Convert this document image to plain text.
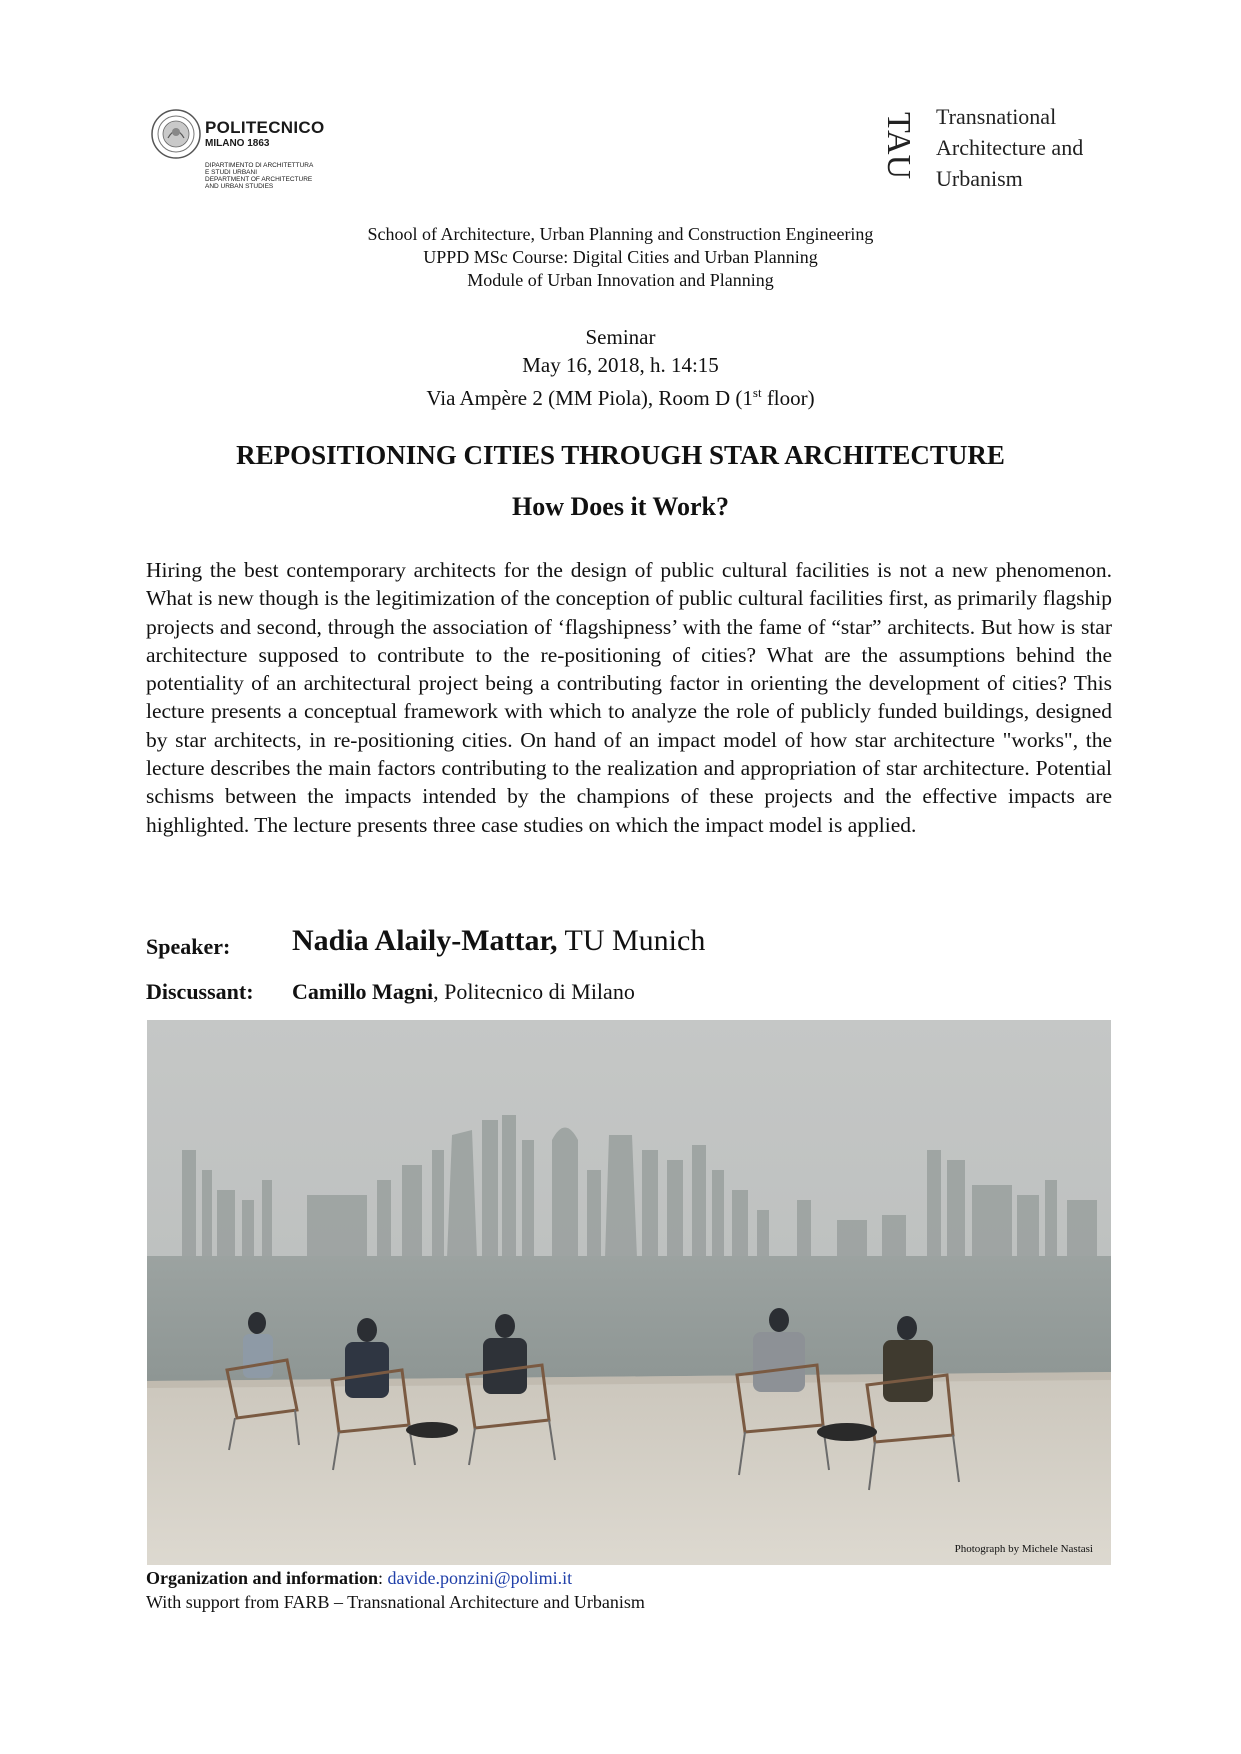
POLITECNICO
MILANO 1863
DIPARTIMENTO DI ARCHITETTURA
E STUDI URBANI
DEPARTMENT OF ARCHITECTURE
AND URBAN STUDIES
TAU Transnational
Architecture and
Urbanism
School of Architecture, Urban Planning and Construction Engineering
UPPD MSc Course: Digital Cities and Urban Planning
Module of Urban Innovation and Planning
Seminar
May 16, 2018, h. 14:15
Via Ampère 2 (MM Piola), Room D (1st floor)
REPOSITIONING CITIES THROUGH STAR ARCHITECTURE
How Does it Work?
Hiring the best contemporary architects for the design of public cultural facilities is not a new phenomenon. What is new though is the legitimization of the conception of public cultural facilities first, as primarily flagship projects and second, through the association of ‘flagshipness’ with the fame of “star” architects. But how is star architecture supposed to contribute to the re-positioning of cities? What are the assumptions behind the potentiality of an architectural project being a contributing factor in orienting the development of cities? This lecture presents a conceptual framework with which to analyze the role of publicly funded buildings, designed by star architects, in re-positioning cities. On hand of an impact model of how star architecture "works", the lecture describes the main factors contributing to the realization and appropriation of star architecture. Potential schisms between the impacts intended by the champions of these projects and the effective impacts are highlighted. The lecture presents three case studies on which the impact model is applied.
Speaker: Nadia Alaily-Mattar, TU Munich
Discussant: Camillo Magni, Politecnico di Milano
Photograph by Michele Nastasi
Organization and information: davide.ponzini@polimi.it
With support from FARB – Transnational Architecture and Urbanism
